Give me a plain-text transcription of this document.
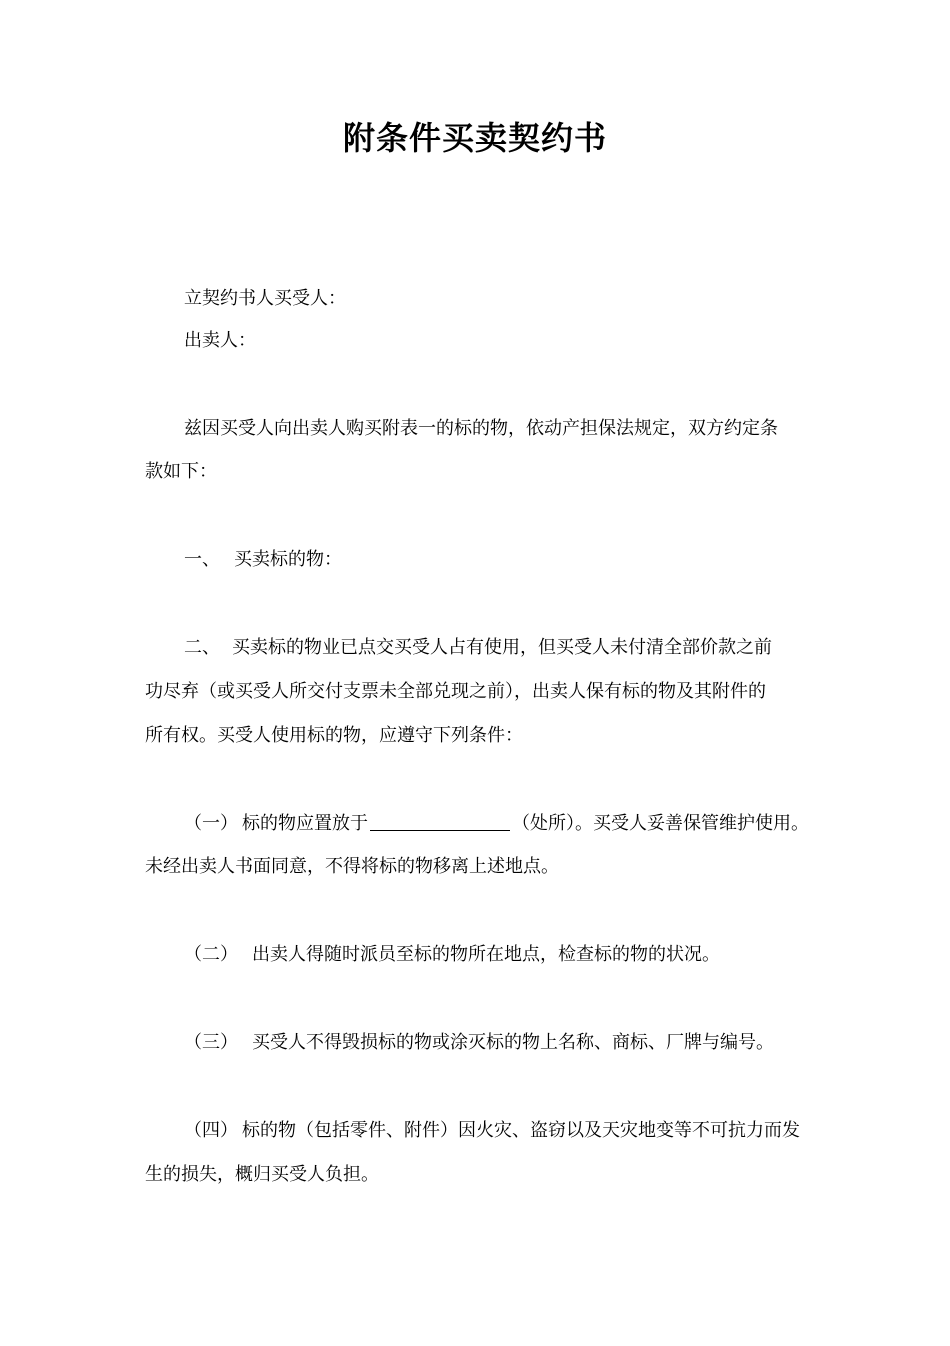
附条件买卖契约书
立契约书人买受人：
出卖人：
兹因买受人向出卖人购买附表一的标的物，依动产担保法规定，双方约定条
款如下：
一、 买卖标的物：
二、 买卖标的物业已点交买受人占有使用，但买受人未付清全部价款之前
功尽弃（或买受人所交付支票未全部兑现之前），出卖人保有标的物及其附件的
所有权。买受人使用标的物，应遵守下列条件：
（一） 标的物应置放于	（处所）。买受人妥善保管维护使用。
未经出卖人书面同意，不得将标的物移离上述地点。
（二） 出卖人得随时派员至标的物所在地点，检查标的物的状况。
（三） 买受人不得毁损标的物或涂灭标的物上名称、商标、厂牌与编号。
（四） 标的物（包括零件、附件）因火灾、盗窃以及天灾地变等不可抗力而发
生的损失，概归买受人负担。
